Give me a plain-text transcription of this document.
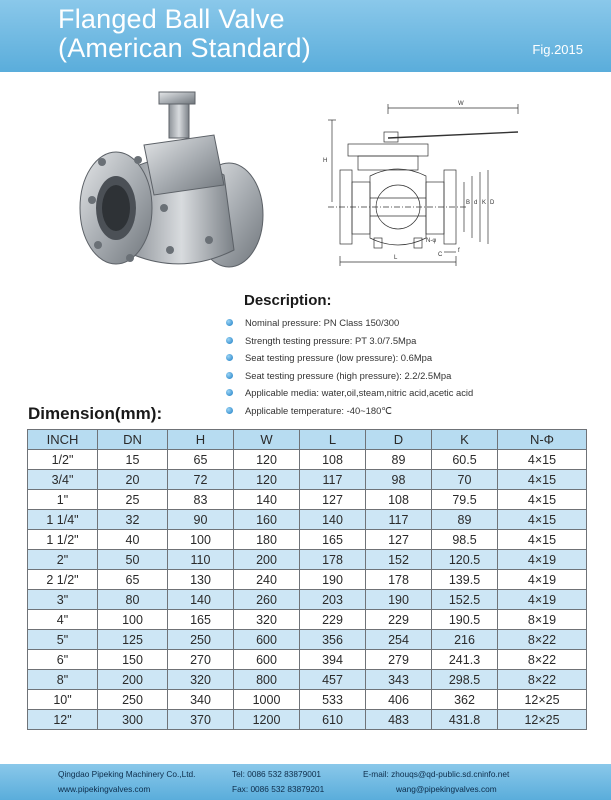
Flanged Ball Valve
(American Standard)	Fig.2015
W
H
B d K D
N-φ
L	C
f
Description:
Nominal pressure: PN Class 150/300
Strength testing pressure: PT 3.0/7.5Mpa
Seat testing pressure (low pressure): 0.6Mpa
Seat testing pressure (high pressure): 2.2/2.5Mpa
Applicable media: water,oil,steam,nitric acid,acetic acid
Applicable temperature: -40~180℃
Dimension(mm):
INCH	DN	H	W	L	D	K	N-Φ
1/2"	15	65	120	108	89	60.5	4×15
3/4"	20	72	120	117	98	70	4×15
1"	25	83	140	127	108	79.5	4×15
1 1/4"	32	90	160	140	117	89	4×15
1 1/2"	40	100	180	165	127	98.5	4×15
2"	50	110	200	178	152	120.5	4×19
2 1/2"	65	130	240	190	178	139.5	4×19
3"	80	140	260	203	190	152.5	4×19
4"	100	165	320	229	229	190.5	8×19
5"	125	250	600	356	254	216	8×22
6"	150	270	600	394	279	241.3	8×22
8"	200	320	800	457	343	298.5	8×22
10"	250	340	1000	533	406	362	12×25
12"	300	370	1200	610	483	431.8	12×25
Qingdao Pipeking Machinery Co.,Ltd.	Tel: 0086 532 83879001	E-mail: zhouqs@qd-public.sd.cninfo.net
www.pipekingvalves.com	Fax: 0086 532 83879201	wang@pipekingvalves.com
